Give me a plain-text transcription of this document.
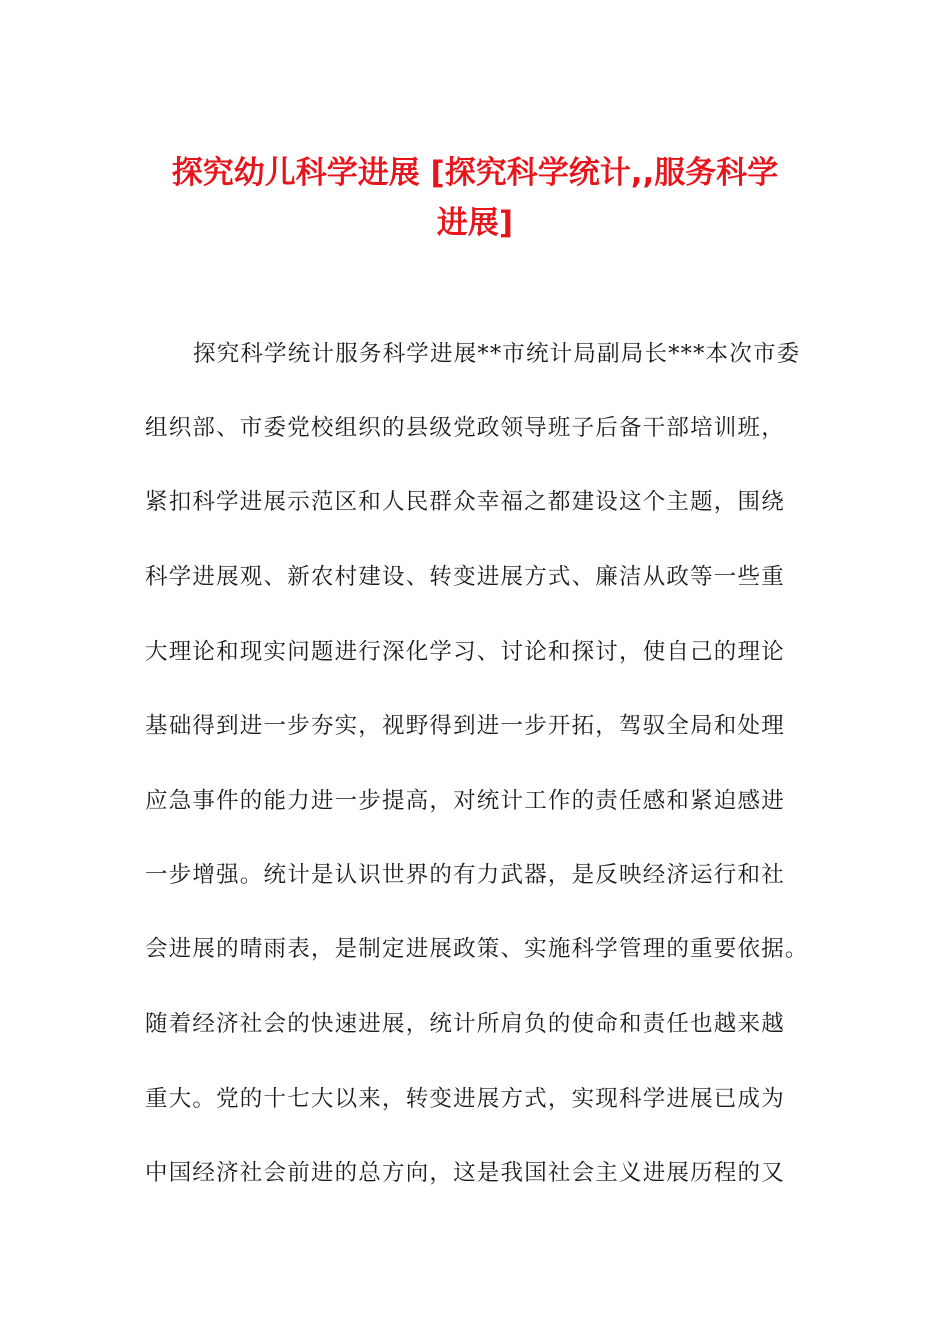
探究幼儿科学进展 [探究科学统计,,服务科学
进展]

探究科学统计服务科学进展**市统计局副局长***本次市委

组织部、市委党校组织的县级党政领导班子后备干部培训班，

紧扣科学进展示范区和人民群众幸福之都建设这个主题，围绕

科学进展观、新农村建设、转变进展方式、廉洁从政等一些重

大理论和现实问题进行深化学习、讨论和探讨，使自己的理论

基础得到进一步夯实，视野得到进一步开拓，驾驭全局和处理

应急事件的能力进一步提高，对统计工作的责任感和紧迫感进

一步增强。统计是认识世界的有力武器，是反映经济运行和社

会进展的晴雨表，是制定进展政策、实施科学管理的重要依据。

随着经济社会的快速进展，统计所肩负的使命和责任也越来越

重大。党的十七大以来，转变进展方式，实现科学进展已成为

中国经济社会前进的总方向，这是我国社会主义进展历程的又
